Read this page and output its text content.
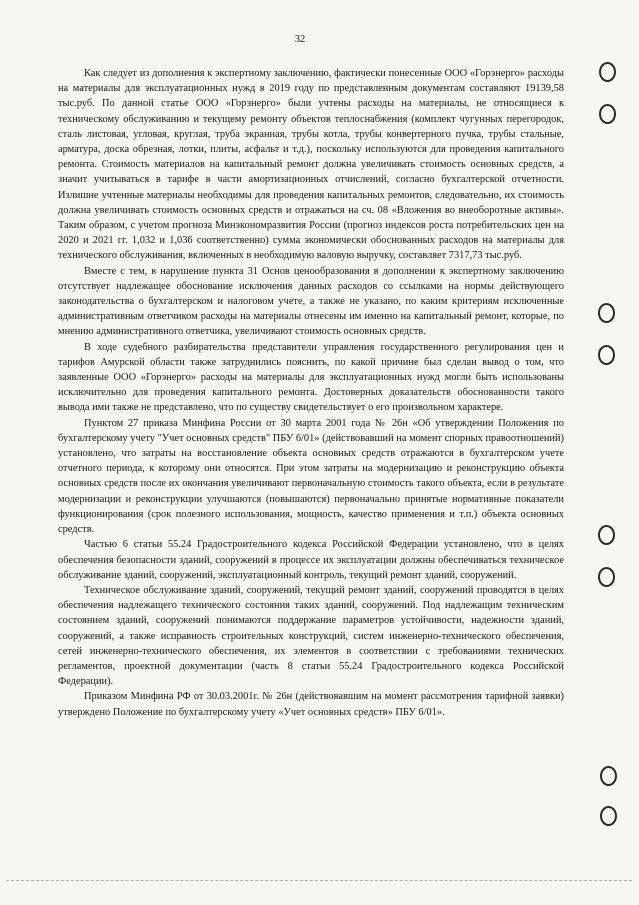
32

Как следует из дополнения к экспертному заключению, фактически понесенные ООО «Горэнерго» расходы на материалы для эксплуатационных нужд в 2019 году по представленным документам составляют 19139,58 тыс.руб. По данной статье ООО «Горэнерго» были учтены расходы на материалы, не относящиеся к техническому обслуживанию и текущему ремонту объектов теплоснабжения (комплект чугунных перегородок, сталь листовая, угловая, круглая, труба экранная, трубы котла, трубы конвертерного пучка, трубы стальные, арматура, доска обрезная, лотки, плиты, асфальт и т.д.), поскольку используются для проведения капитального ремонта. Стоимость материалов на капитальный ремонт должна увеличивать стоимость основных средств, а значит учитываться в тарифе в части амортизационных отчислений, согласно бухгалтерской отчетности. Излишне учтенные материалы необходимы для проведения капитальных ремонтов, следовательно, их стоимость должна увеличивать стоимость основных средств и отражаться на сч. 08 «Вложения во внеоборотные активы». Таким образом, с учетом прогноза Минэкономразвития России (прогноз индексов роста потребительских цен на 2020 и 2021 гг. 1,032 и 1,036 соответственно) сумма экономически обоснованных расходов на материалы для технического обслуживания, включенных в необходимую валовую выручку, составляет 7317,73 тыс.руб.

Вместе с тем, в нарушение пункта 31 Основ ценообразования в дополнении к экспертному заключению отсутствует надлежащее обоснование исключения данных расходов со ссылками на нормы действующего законодательства о бухгалтерском и налоговом учете, а также не указано, по каким критериям исключенные административным ответчиком расходы на материалы отнесены им именно на капитальный ремонт, которые, по мнению административного ответчика, увеличивают стоимость основных средств.

В ходе судебного разбирательства представители управления государственного регулирования цен и тарифов Амурской области также затруднились пояснить, по какой причине был сделан вывод о том, что заявленные ООО «Горэнерго» расходы на материалы для эксплуатационных нужд могли быть использованы исключительно для проведения капитального ремонта. Достоверных доказательств обоснованности такого вывода ими также не представлено, что по существу свидетельствует о его произвольном характере.

Пунктом 27 приказа Минфина России от 30 марта 2001 года № 26н «Об утверждении Положения по бухгалтерскому учету "Учет основных средств" ПБУ 6/01» (действовавший на момент спорных правоотношений) установлено, что затраты на восстановление объекта основных средств отражаются в бухгалтерском учете отчетного периода, к которому они относятся. При этом затраты на модернизацию и реконструкцию объекта основных средств после их окончания увеличивают первоначальную стоимость такого объекта, если в результате модернизации и реконструкции улучшаются (повышаются) первоначально принятые нормативные показатели функционирования (срок полезного использования, мощность, качество применения и т.п.) объекта основных средств.

Частью 6 статьи 55.24 Градостроительного кодекса Российской Федерации установлено, что в целях обеспечения безопасности зданий, сооружений в процессе их эксплуатации должны обеспечиваться техническое обслуживание зданий, сооружений, эксплуатационный контроль, текущий ремонт зданий, сооружений.

Техническое обслуживание зданий, сооружений, текущий ремонт зданий, сооружений проводятся в целях обеспечения надлежащего технического состояния таких зданий, сооружений. Под надлежащим техническим состоянием зданий, сооружений понимаются поддержание параметров устойчивости, надежности зданий, сооружений, а также исправность строительных конструкций, систем инженерно-технического обеспечения, сетей инженерно-технического обеспечения, их элементов в соответствии с требованиями технических регламентов, проектной документации (часть 8 статьи 55.24 Градостроительного кодекса Российской Федерации).

Приказом Минфина РФ от 30.03.2001г. № 26н (действовавшим на момент рассмотрения тарифной заявки) утверждено Положение по бухгалтерскому учету «Учет основных средств» ПБУ 6/01».
